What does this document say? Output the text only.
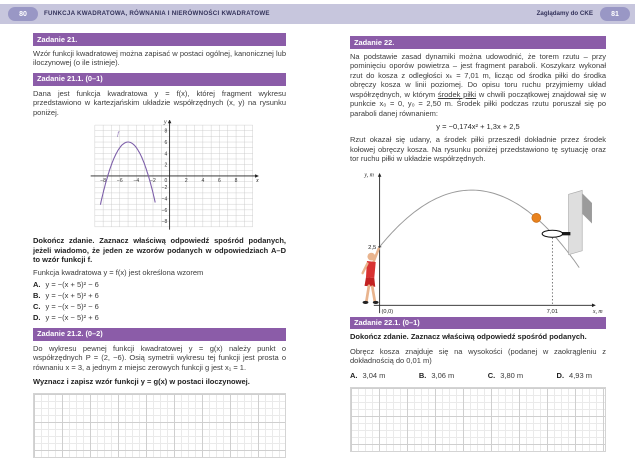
80	FUNKCJA KWADRATOWA, RÓWNANIA I NIERÓWNOŚCI KWADRATOWE	Zaglądamy do CKE	81
Zadanie 21.

Wzór funkcji kwadratowej można zapisać w postaci ogólnej, kanonicznej lub iloczynowej (o ile istnieje).

Zadanie 21.1. (0–1)

Dana jest funkcja kwadratowa y = f(x), której fragment wykresu przedstawiono w kartezjańskim układzie współrzędnych (x, y) na rysunku poniżej.

x
y
−8 −6 −4 −2	2	4	6	8
−8
−6
−4
−2
2
4
6
8
0
f

Dokończ zdanie. Zaznacz właściwą odpowiedź spośród podanych, jeżeli wiadomo, że jeden ze wzorów podanych w odpowiedziach A–D to wzór funkcji f.

Funkcja kwadratowa y = f(x) jest określona wzorem

A. y = −(x + 5)² − 6
B. y = −(x + 5)² + 6
C. y = −(x − 5)² − 6
D. y = −(x − 5)² + 6
Zadanie 21.2. (0–2)

Do wykresu pewnej funkcji kwadratowej y = g(x) należy punkt o współrzędnych P = (2, −6). Osią symetrii wykresu tej funkcji jest prosta o równaniu x = 3, a jednym z miejsc zerowych funkcji g jest x₁ = 1.

Wyznacz i zapisz wzór funkcji y = g(x) w postaci iloczynowej.

Zadanie 22.

Na podstawie zasad dynamiki można udowodnić, że torem rzutu – przy pominięciu oporów powietrza – jest fragment paraboli. Koszykarz wykonał rzut do kosza z odległości xₖ = 7,01 m, licząc od środka piłki do środka obręczy kosza w linii poziomej. Do opisu toru ruchu przyjmiemy układ współrzędnych, w którym środek piłki w chwili początkowej znajdował się w punkcie x₀ = 0, y₀ = 2,50 m. Środek piłki podczas rzutu poruszał się po paraboli danej równaniem:

y = −0,174x² + 1,3x + 2,5

Rzut okazał się udany, a środek piłki przeszedł dokładnie przez środek kołowej obręczy kosza. Na rysunku poniżej przedstawiono tę sytuację oraz tor ruchu piłki w układzie współrzędnych.

y, m
x, m
2,5
(0,0)	7,01
Zadanie 22.1. (0–1)

Dokończ zdanie. Zaznacz właściwą odpowiedź spośród podanych.

Obręcz kosza znajduje się na wysokości (podanej w zaokrągleniu z dokładnością do 0,01 m)

A. 3,04 m	B. 3,06 m	C. 3,80 m	D. 4,93 m
